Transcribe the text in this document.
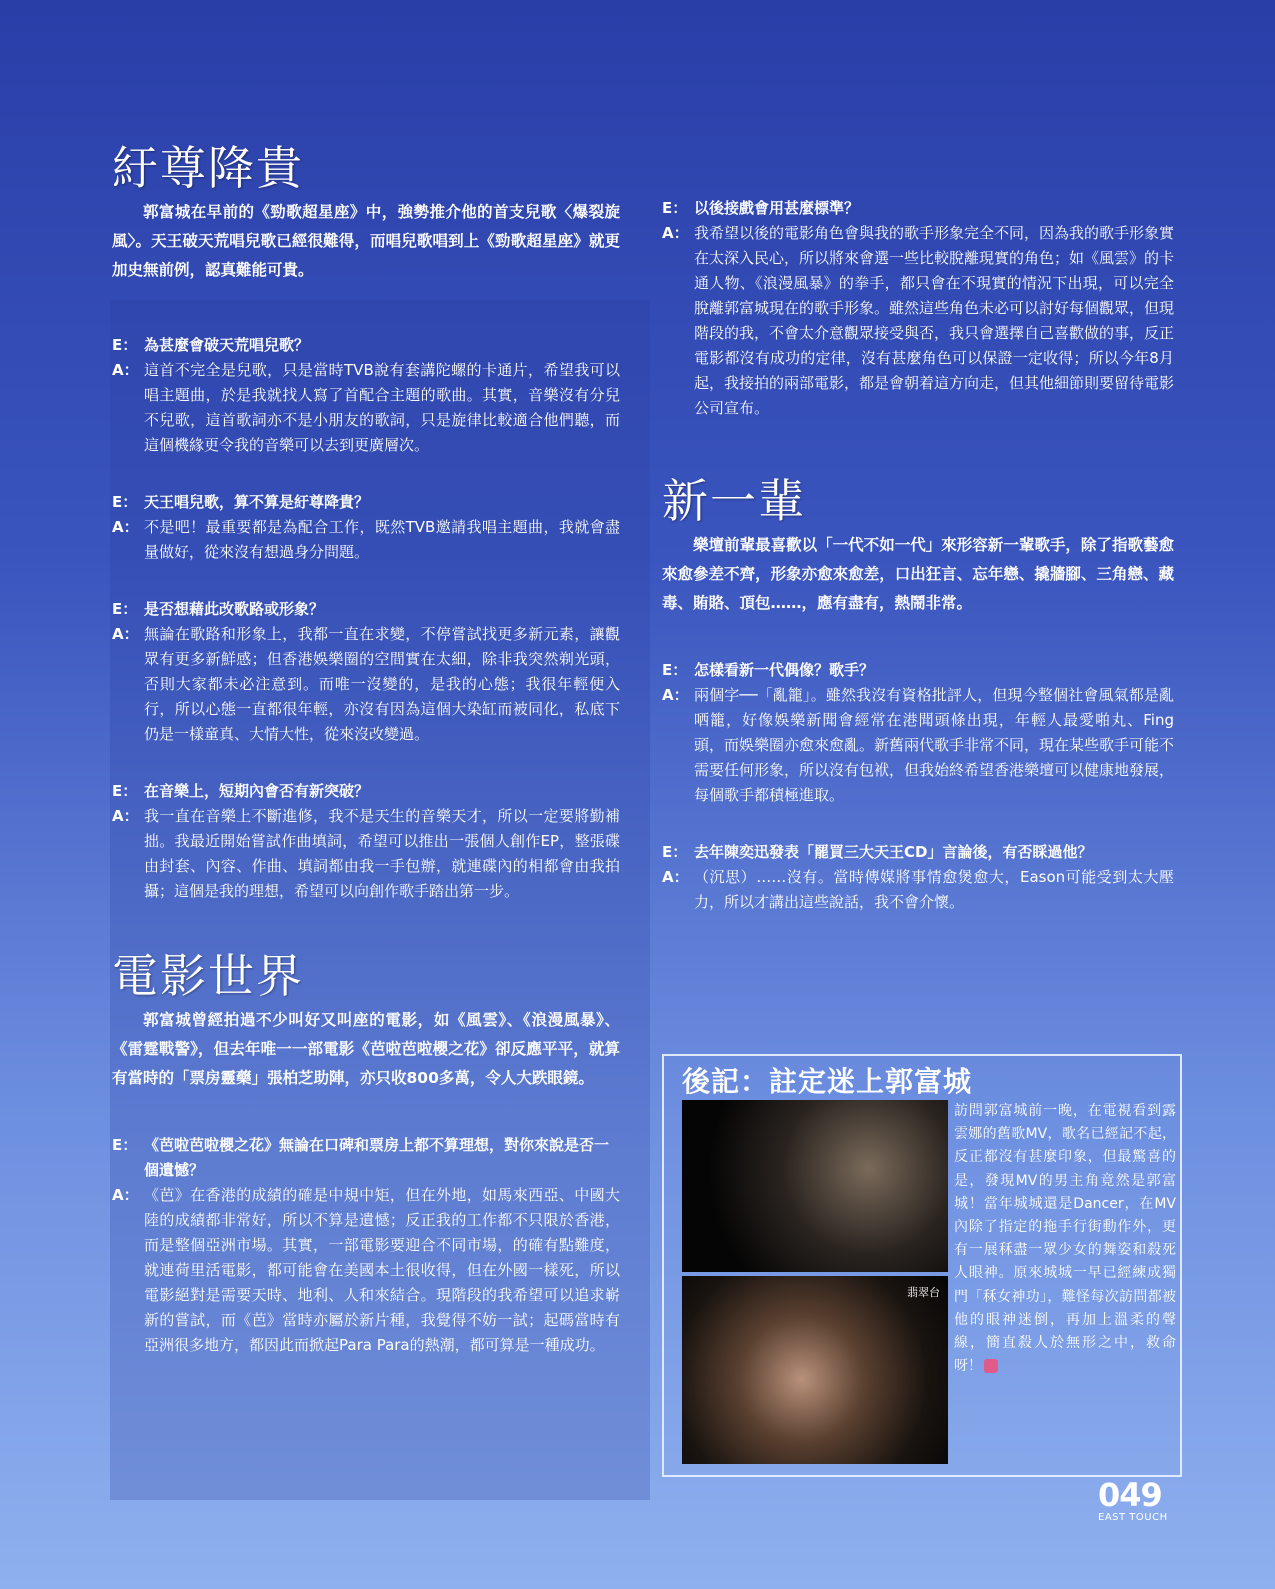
紆尊降貴

郭富城在早前的《勁歌超星座》中，強勢推介他的首支兒歌〈爆裂旋風〉。天王破天荒唱兒歌已經很難得，而唱兒歌唱到上《勁歌超星座》就更加史無前例，認真難能可貴。

E： 為甚麼會破天荒唱兒歌？
A： 這首不完全是兒歌，只是當時TVB說有套講陀螺的卡通片，希望我可以唱主題曲，於是我就找人寫了首配合主題的歌曲。其實，音樂沒有分兒不兒歌，這首歌詞亦不是小朋友的歌詞，只是旋律比較適合他們聽，而這個機緣更令我的音樂可以去到更廣層次。
E： 天王唱兒歌，算不算是紆尊降貴？
A： 不是吧！最重要都是為配合工作，既然TVB邀請我唱主題曲，我就會盡量做好，從來沒有想過身分問題。
E： 是否想藉此改歌路或形象？
A： 無論在歌路和形象上，我都一直在求變，不停嘗試找更多新元素，讓觀眾有更多新鮮感；但香港娛樂圈的空間實在太細，除非我突然剃光頭，否則大家都未必注意到。而唯一沒變的，是我的心態；我很年輕便入行，所以心態一直都很年輕，亦沒有因為這個大染缸而被同化，私底下仍是一樣童真、大情大性，從來沒改變過。
E： 在音樂上，短期內會否有新突破？
A： 我一直在音樂上不斷進修，我不是天生的音樂天才，所以一定要將勤補拙。我最近開始嘗試作曲填詞，希望可以推出一張個人創作EP，整張碟由封套、內容、作曲、填詞都由我一手包辦，就連碟內的相都會由我拍攝；這個是我的理想，希望可以向創作歌手踏出第一步。
電影世界

郭富城曾經拍過不少叫好又叫座的電影，如《風雲》、《浪漫風暴》、《雷霆戰警》，但去年唯一一部電影《芭啦芭啦櫻之花》卻反應平平，就算有當時的「票房靈藥」張柏芝助陣，亦只收800多萬，令人大跌眼鏡。

E： 《芭啦芭啦櫻之花》無論在口碑和票房上都不算理想，對你來說是否一個遺憾？
A： 《芭》在香港的成績的確是中規中矩，但在外地，如馬來西亞、中國大陸的成績都非常好，所以不算是遺憾；反正我的工作都不只限於香港，而是整個亞洲市場。其實，一部電影要迎合不同市場，的確有點難度，就連荷里活電影，都可能會在美國本土很收得，但在外國一樣死，所以電影絕對是需要天時、地利、人和來結合。現階段的我希望可以追求嶄新的嘗試，而《芭》當時亦屬於新片種，我覺得不妨一試；起碼當時有亞洲很多地方，都因此而掀起Para Para的熱潮，都可算是一種成功。
E： 以後接戲會用甚麼標準？
A： 我希望以後的電影角色會與我的歌手形象完全不同，因為我的歌手形象實在太深入民心，所以將來會選一些比較脫離現實的角色；如《風雲》的卡通人物、《浪漫風暴》的拳手，都只會在不現實的情況下出現，可以完全脫離郭富城現在的歌手形象。雖然這些角色未必可以討好每個觀眾，但現階段的我，不會太介意觀眾接受與否，我只會選擇自己喜歡做的事，反正電影都沒有成功的定律，沒有甚麼角色可以保證一定收得；所以今年8月起，我接拍的兩部電影，都是會朝着這方向走，但其他細節則要留待電影公司宣布。
新一輩

樂壇前輩最喜歡以「一代不如一代」來形容新一輩歌手，除了指歌藝愈來愈參差不齊，形象亦愈來愈差，口出狂言、忘年戀、撬牆腳、三角戀、藏毒、賄賂、頂包……，應有盡有，熱鬧非常。

E： 怎樣看新一代偶像？歌手？
A： 兩個字──「亂籠」。雖然我沒有資格批評人，但現今整個社會風氣都是亂哂籠，好像娛樂新聞會經常在港聞頭條出現，年輕人最愛啪丸、Fing頭，而娛樂圈亦愈來愈亂。新舊兩代歌手非常不同，現在某些歌手可能不需要任何形象，所以沒有包袱，但我始終希望香港樂壇可以健康地發展，每個歌手都積極進取。
E： 去年陳奕迅發表「罷買三大天王CD」言論後，有否睬過他？
A： （沉思）……沒有。當時傳媒將事情愈煲愈大，Eason可能受到太大壓力，所以才講出這些說話，我不會介懷。
後記：註定迷上郭富城
翡翠台
訪問郭富城前一晚，在電視看到露雲娜的舊歌MV，歌名已經記不起，反正都沒有甚麼印象，但最驚喜的是，發現MV的男主角竟然是郭富城！當年城城還是Dancer，在MV內除了指定的拖手行街動作外，更有一展秝盡一眾少女的舞姿和殺死人眼神。原來城城一早已經練成獨門「秝女神功」，難怪每次訪問都被他的眼神迷倒，再加上溫柔的聲線，簡直殺人於無形之中，救命呀！
049
EAST TOUCH
